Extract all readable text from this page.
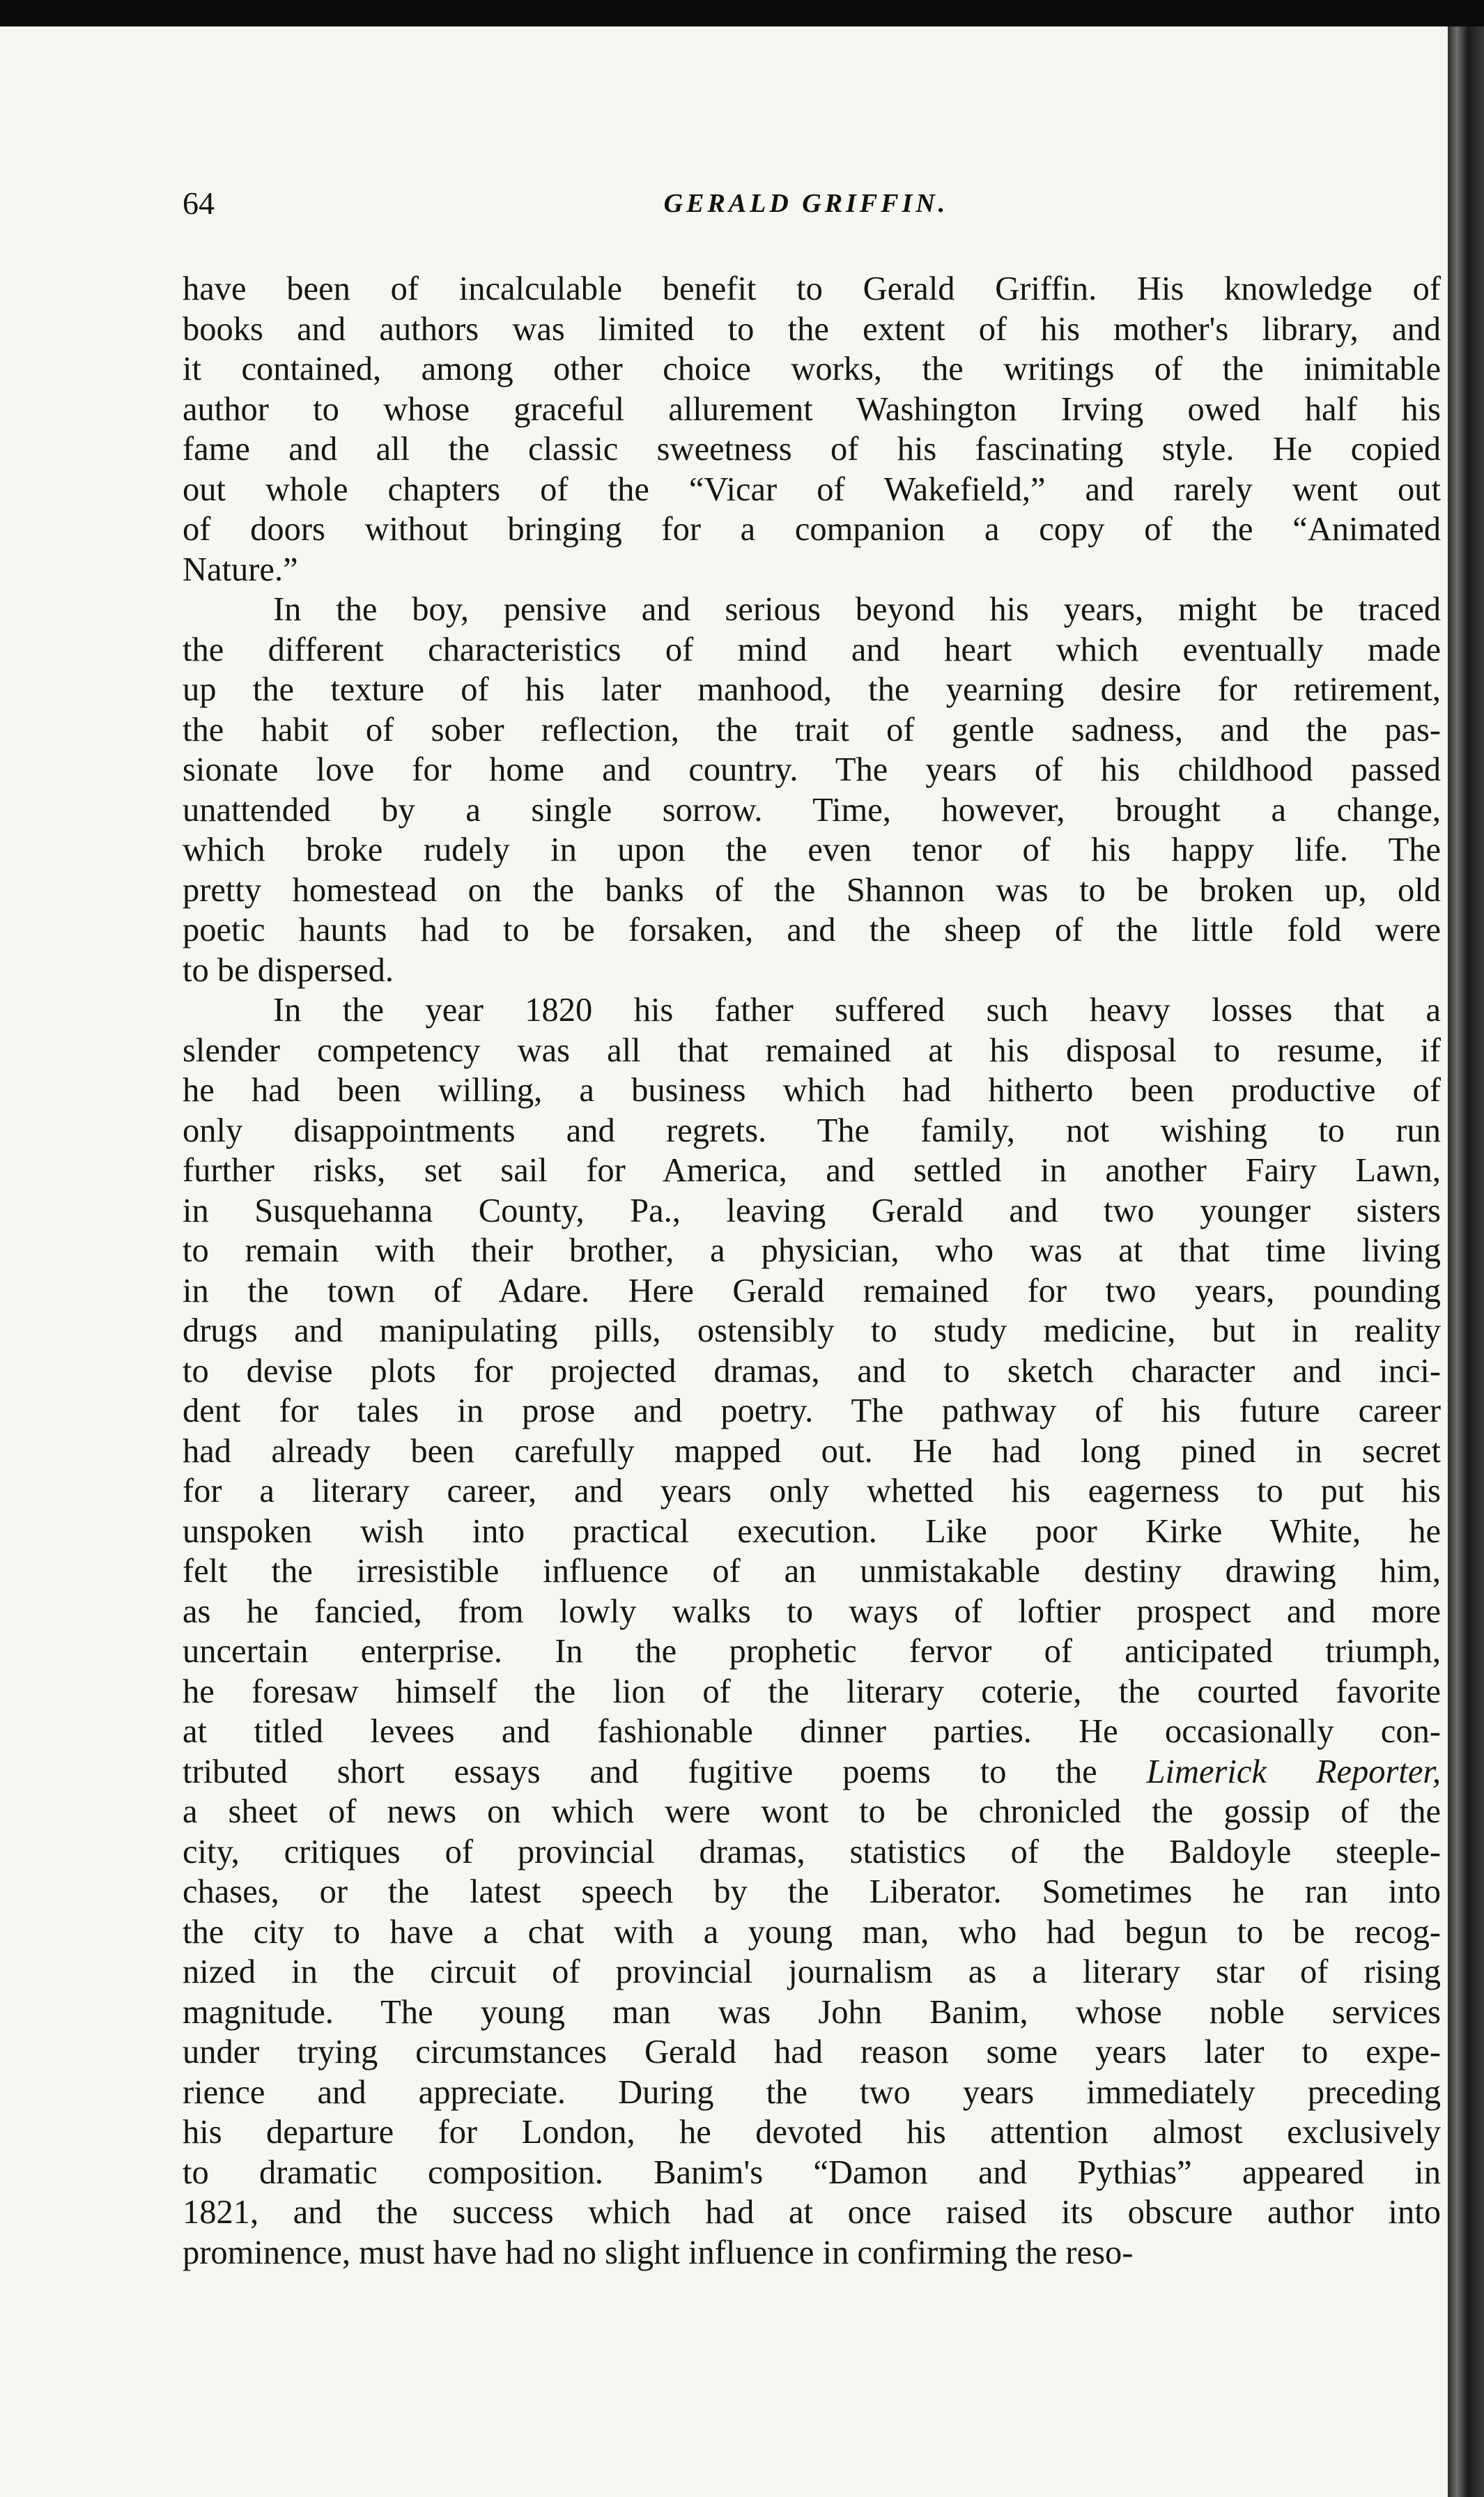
64	GERALD GRIFFIN.
have been of incalculable benefit to Gerald Griffin. His knowledge of
books and authors was limited to the extent of his mother's library, and
it contained, among other choice works, the writings of the inimitable
author to whose graceful allurement Washington Irving owed half his
fame and all the classic sweetness of his fascinating style. He copied
out whole chapters of the “Vicar of Wakefield,” and rarely went out
of doors without bringing for a companion a copy of the “Animated
Nature.”
In the boy, pensive and serious beyond his years, might be traced
the different characteristics of mind and heart which eventually made
up the texture of his later manhood, the yearning desire for retirement,
the habit of sober reflection, the trait of gentle sadness, and the pas-
sionate love for home and country. The years of his childhood passed
unattended by a single sorrow. Time, however, brought a change,
which broke rudely in upon the even tenor of his happy life. The
pretty homestead on the banks of the Shannon was to be broken up, old
poetic haunts had to be forsaken, and the sheep of the little fold were
to be dispersed.
In the year 1820 his father suffered such heavy losses that a
slender competency was all that remained at his disposal to resume, if
he had been willing, a business which had hitherto been productive of
only disappointments and regrets. The family, not wishing to run
further risks, set sail for America, and settled in another Fairy Lawn,
in Susquehanna County, Pa., leaving Gerald and two younger sisters
to remain with their brother, a physician, who was at that time living
in the town of Adare. Here Gerald remained for two years, pounding
drugs and manipulating pills, ostensibly to study medicine, but in reality
to devise plots for projected dramas, and to sketch character and inci-
dent for tales in prose and poetry. The pathway of his future career
had already been carefully mapped out. He had long pined in secret
for a literary career, and years only whetted his eagerness to put his
unspoken wish into practical execution. Like poor Kirke White, he
felt the irresistible influence of an unmistakable destiny drawing him,
as he fancied, from lowly walks to ways of loftier prospect and more
uncertain enterprise. In the prophetic fervor of anticipated triumph,
he foresaw himself the lion of the literary coterie, the courted favorite
at titled levees and fashionable dinner parties. He occasionally con-
tributed short essays and fugitive poems to the Limerick Reporter,
a sheet of news on which were wont to be chronicled the gossip of the
city, critiques of provincial dramas, statistics of the Baldoyle steeple-
chases, or the latest speech by the Liberator. Sometimes he ran into
the city to have a chat with a young man, who had begun to be recog-
nized in the circuit of provincial journalism as a literary star of rising
magnitude. The young man was John Banim, whose noble services
under trying circumstances Gerald had reason some years later to expe-
rience and appreciate. During the two years immediately preceding
his departure for London, he devoted his attention almost exclusively
to dramatic composition. Banim's “Damon and Pythias” appeared in
1821, and the success which had at once raised its obscure author into
prominence, must have had no slight influence in confirming the reso-
